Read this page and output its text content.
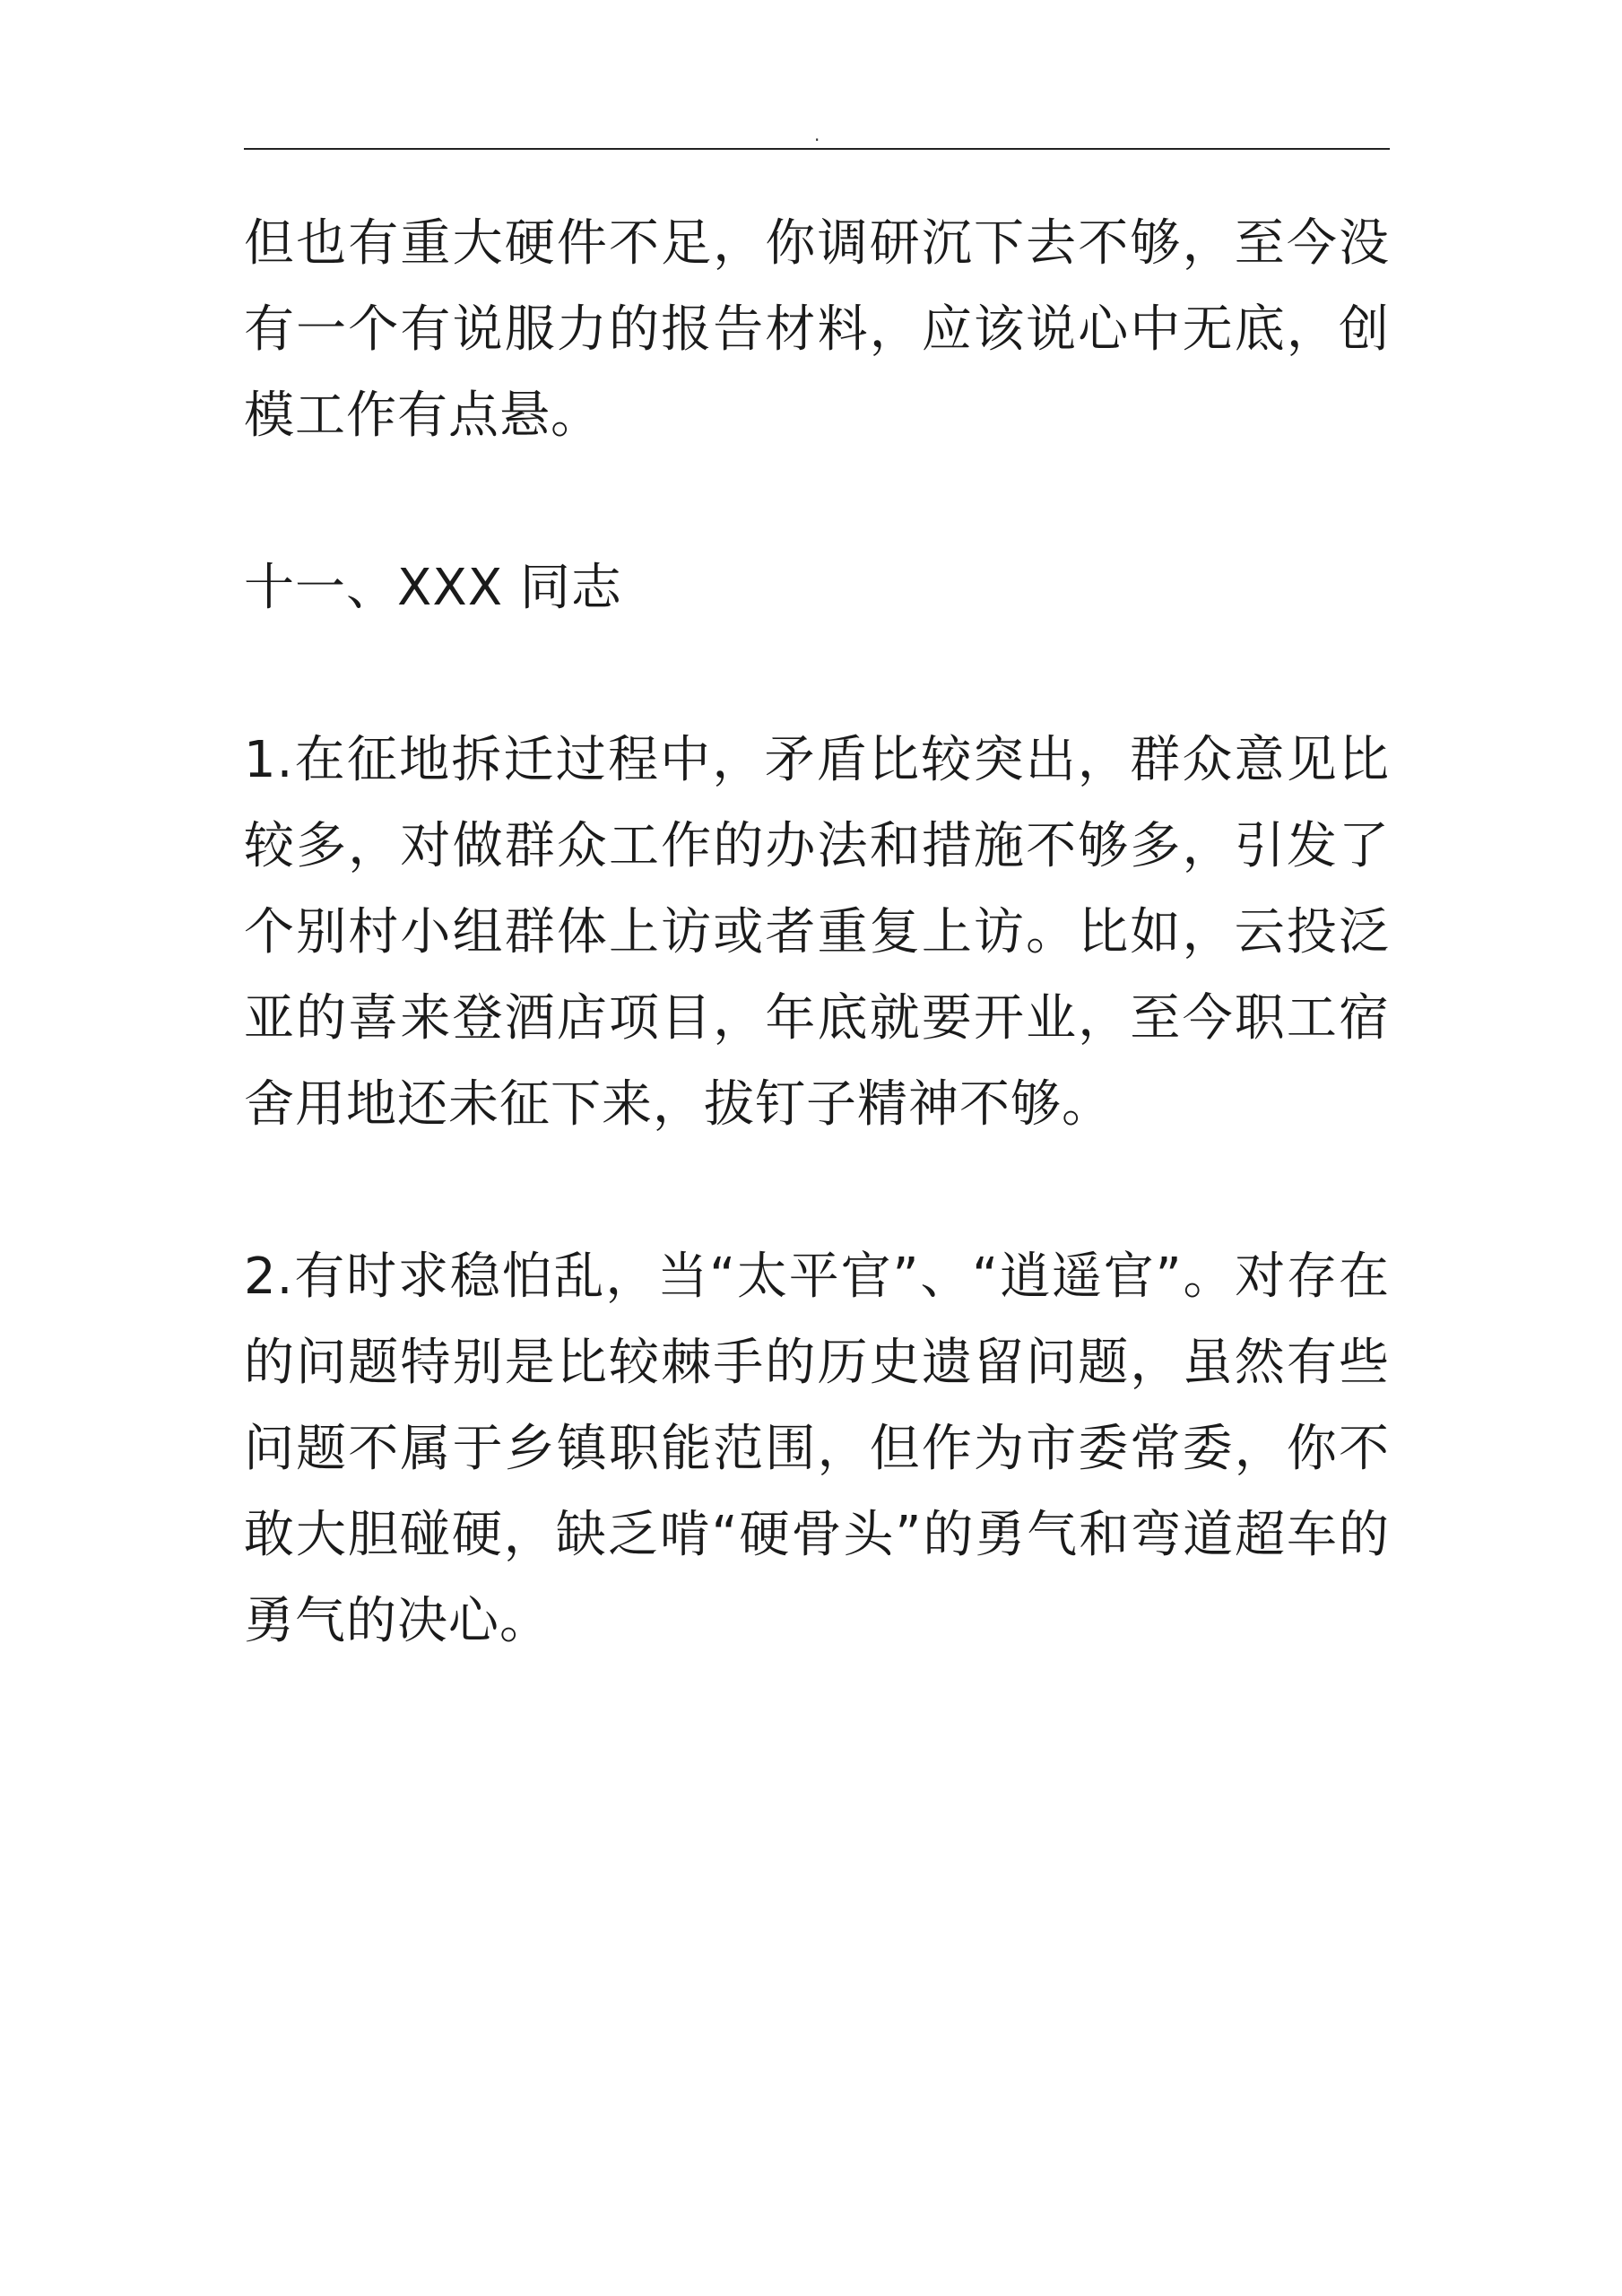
.

但也有重大硬件不足，你调研沉下去不够，至今没有一个有说服力的报告材料，应该说心中无底，创模工作有点悬。

十一、XXX 同志

1.在征地拆迁过程中，矛盾比较突出，群众意见比较多，对做群众工作的办法和措施不够多，引发了个别村小组群体上访或者重复上访。比如，云投泛亚的喜来登酒店项目，年底就要开业，至今职工宿舍用地还未征下来，拔钉子精神不够。

2.有时求稳怕乱，当“太平官”、“逍遥官”。对存在的问题特别是比较棘手的历史遗留问题，虽然有些问题不属于乡镇职能范围，但作为市委常委，你不敢大胆碰硬，缺乏啃“硬骨头”的勇气和弯道超车的勇气的决心。
